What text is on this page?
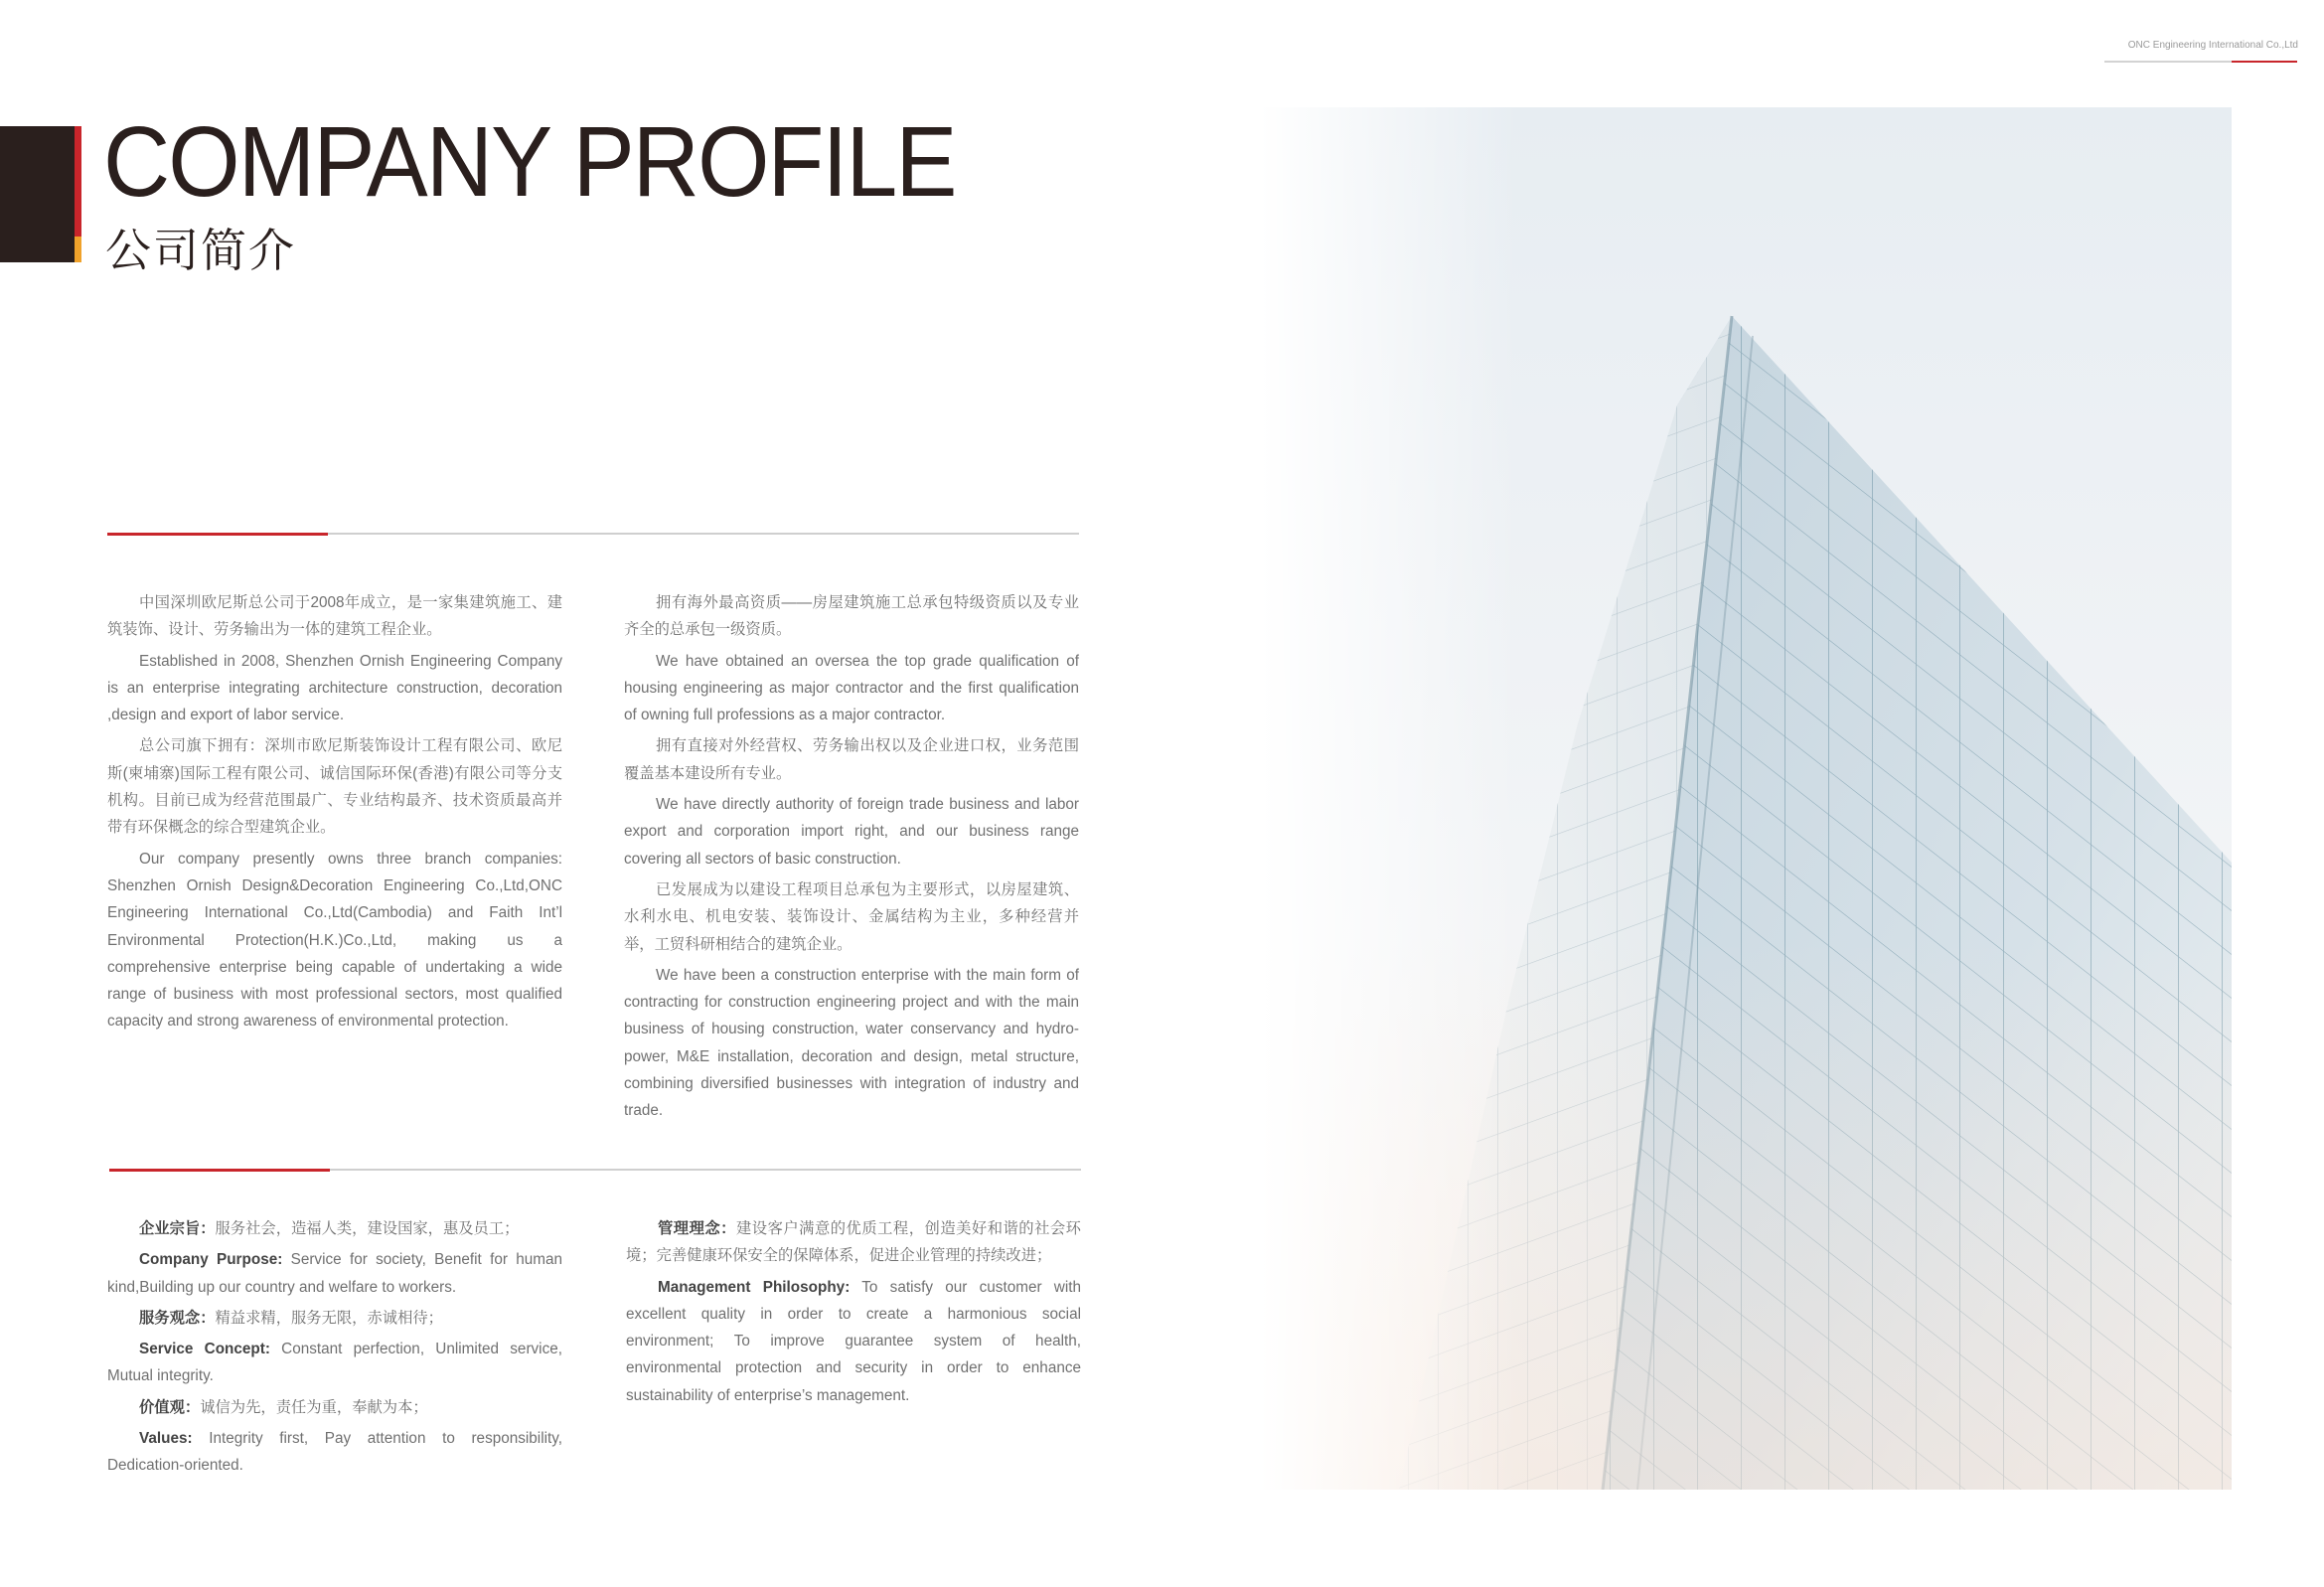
ONC Engineering International Co.,Ltd
COMPANY PROFILE
公司简介

中国深圳欧尼斯总公司于2008年成立，是一家集建筑施工、建筑装饰、设计、劳务输出为一体的建筑工程企业。

Established in 2008, Shenzhen Ornish Engineering Company is an enterprise integrating architecture construction, decoration ,design and export of labor service.

总公司旗下拥有：深圳市欧尼斯装饰设计工程有限公司、欧尼斯(柬埔寨)国际工程有限公司、诚信国际环保(香港)有限公司等分支机构。目前已成为经营范围最广、专业结构最齐、技术资质最高并带有环保概念的综合型建筑企业。

Our company presently owns three branch companies: Shenzhen Ornish Design&Decoration Engineering Co.,Ltd,ONC Engineering International Co.,Ltd(Cambodia) and Faith Int’l Environmental Protection(H.K.)Co.,Ltd, making us a comprehensive enterprise being capable of undertaking a wide range of business with most professional sectors, most qualified capacity and strong awareness of environmental protection.

拥有海外最高资质——房屋建筑施工总承包特级资质以及专业齐全的总承包一级资质。

We have obtained an oversea the top grade qualification of housing engineering as major contractor and the first qualification of owning full professions as a major contractor.

拥有直接对外经营权、劳务输出权以及企业进口权，业务范围覆盖基本建设所有专业。

We have directly authority of foreign trade business and labor export and corporation import right, and our business range covering all sectors of basic construction.

已发展成为以建设工程项目总承包为主要形式，以房屋建筑、水利水电、机电安装、装饰设计、金属结构为主业，多种经营并举，工贸科研相结合的建筑企业。

We have been a construction enterprise with the main form of contracting for construction engineering project and with the main business of housing construction, water conservancy and hydro-power, M&E installation, decoration and design, metal structure, combining diversified businesses with integration of industry and trade.

企业宗旨：服务社会，造福人类，建设国家，惠及员工；

Company Purpose: Service for society, Benefit for human kind,Building up our country and welfare to workers.

服务观念：精益求精，服务无限，赤诚相待；

Service Concept: Constant perfection, Unlimited service, Mutual integrity.

价值观：诚信为先，责任为重，奉献为本；

Values: Integrity first, Pay attention to responsibility, Dedication-oriented.

管理理念：建设客户满意的优质工程，创造美好和谐的社会环境；完善健康环保安全的保障体系，促进企业管理的持续改进；

Management Philosophy: To satisfy our customer with excellent quality in order to create a harmonious social environment; To improve guarantee system of health, environmental protection and security in order to enhance sustainability of enterprise’s management.
